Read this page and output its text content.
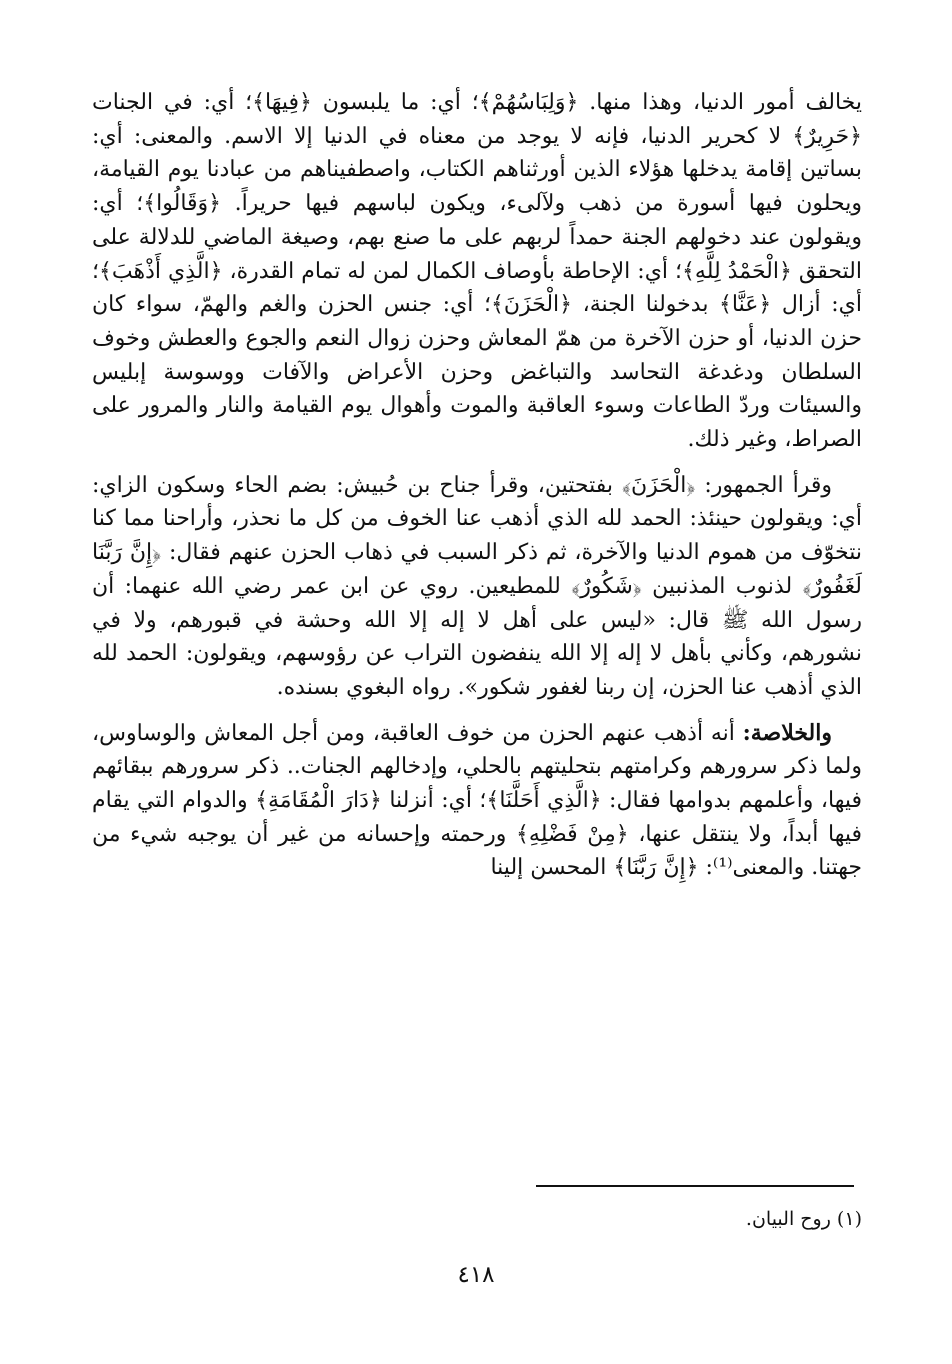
يخالف أمور الدنيا، وهذا منها. ﴿وَلِبَاسُهُمْ﴾؛ أي: ما يلبسون ﴿فِيهَا﴾؛ أي: في الجنات ﴿حَرِيرٌ﴾ لا كحرير الدنيا، فإنه لا يوجد من معناه في الدنيا إلا الاسم. والمعنى: أي: بساتين إقامة يدخلها هؤلاء الذين أورثناهم الكتاب، واصطفيناهم من عبادنا يوم القيامة، ويحلون فيها أسورة من ذهب ولآلىء، ويكون لباسهم فيها حريراً. ﴿وَقَالُوا﴾؛ أي: ويقولون عند دخولهم الجنة حمداً لربهم على ما صنع بهم، وصيغة الماضي للدلالة على التحقق ﴿الْحَمْدُ لِلَّهِ﴾؛ أي: الإحاطة بأوصاف الكمال لمن له تمام القدرة، ﴿الَّذِي أَذْهَبَ﴾؛ أي: أزال ﴿عَنَّا﴾ بدخولنا الجنة، ﴿الْحَزَنَ﴾؛ أي: جنس الحزن والغم والهمّ، سواء كان حزن الدنيا، أو حزن الآخرة من همّ المعاش وحزن زوال النعم والجوع والعطش وخوف السلطان ودغدغة التحاسد والتباغض وحزن الأعراض والآفات ووسوسة إبليس والسيئات وردّ الطاعات وسوء العاقبة والموت وأهوال يوم القيامة والنار والمرور على الصراط، وغير ذلك.

وقرأ الجمهور: ﴿الْحَزَنَ﴾ بفتحتين، وقرأ جناح بن حُبيش: بضم الحاء وسكون الزاي: أي: ويقولون حينئذ: الحمد لله الذي أذهب عنا الخوف من كل ما نحذر، وأراحنا مما كنا نتخوّف من هموم الدنيا والآخرة، ثم ذكر السبب في ذهاب الحزن عنهم فقال: ﴿إِنَّ رَبَّنَا لَغَفُورٌ﴾ لذنوب المذنبين ﴿شَكُورٌ﴾ للمطيعين. روي عن ابن عمر رضي الله عنهما: أن رسول الله ﷺ قال: «ليس على أهل لا إله إلا الله وحشة في قبورهم، ولا في نشورهم، وكأني بأهل لا إله إلا الله ينفضون التراب عن رؤوسهم، ويقولون: الحمد لله الذي أذهب عنا الحزن، إن ربنا لغفور شكور». رواه البغوي بسنده.

والخلاصة: أنه أذهب عنهم الحزن من خوف العاقبة، ومن أجل المعاش والوساوس، ولما ذكر سرورهم وكرامتهم بتحليتهم بالحلي، وإدخالهم الجنات.. ذكر سرورهم ببقائهم فيها، وأعلمهم بدوامها فقال: ﴿الَّذِي أَحَلَّنَا﴾؛ أي: أنزلنا ﴿دَارَ الْمُقَامَةِ﴾ والدوام التي يقام فيها أبداً، ولا ينتقل عنها، ﴿مِنْ فَضْلِهِ﴾ ورحمته وإحسانه من غير أن يوجبه شيء من جهتنا. والمعنى⁽¹⁾: ﴿إِنَّ رَبَّنَا﴾ المحسن إلينا

(١) روح البيان.
٤١٨
